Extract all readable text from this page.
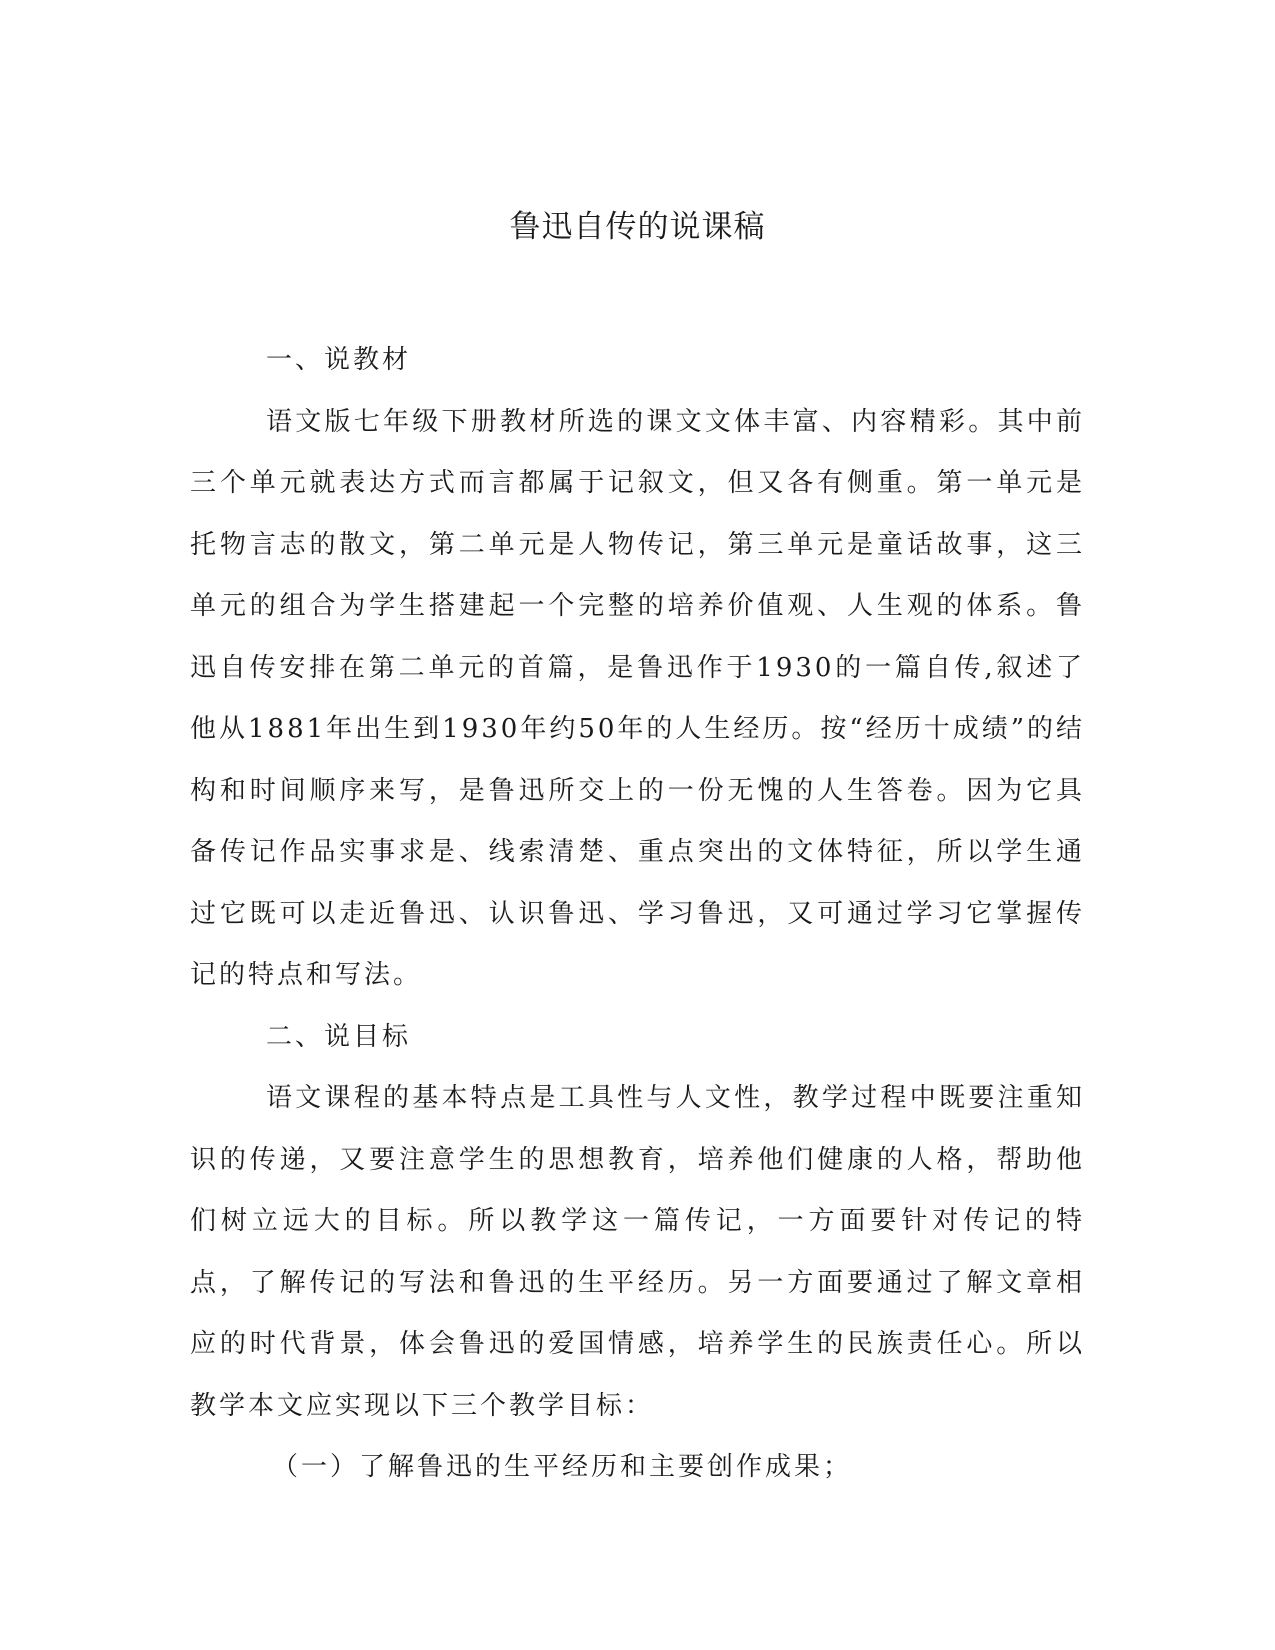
鲁迅自传的说课稿

一、说教材

语文版七年级下册教材所选的课文文体丰富、内容精彩。其中前三个单元就表达方式而言都属于记叙文，但又各有侧重。第一单元是托物言志的散文，第二单元是人物传记，第三单元是童话故事，这三单元的组合为学生搭建起一个完整的培养价值观、人生观的体系。鲁迅自传安排在第二单元的首篇，是鲁迅作于1930的一篇自传,叙述了他从1881年出生到1930年约50年的人生经历。按“经历十成绩”的结构和时间顺序来写，是鲁迅所交上的一份无愧的人生答卷。因为它具备传记作品实事求是、线索清楚、重点突出的文体特征，所以学生通过它既可以走近鲁迅、认识鲁迅、学习鲁迅，又可通过学习它掌握传记的特点和写法。

二、说目标

语文课程的基本特点是工具性与人文性，教学过程中既要注重知识的传递，又要注意学生的思想教育，培养他们健康的人格，帮助他们树立远大的目标。所以教学这一篇传记，一方面要针对传记的特点，了解传记的写法和鲁迅的生平经历。另一方面要通过了解文章相应的时代背景，体会鲁迅的爱国情感，培养学生的民族责任心。所以教学本文应实现以下三个教学目标：

（一）了解鲁迅的生平经历和主要创作成果；
